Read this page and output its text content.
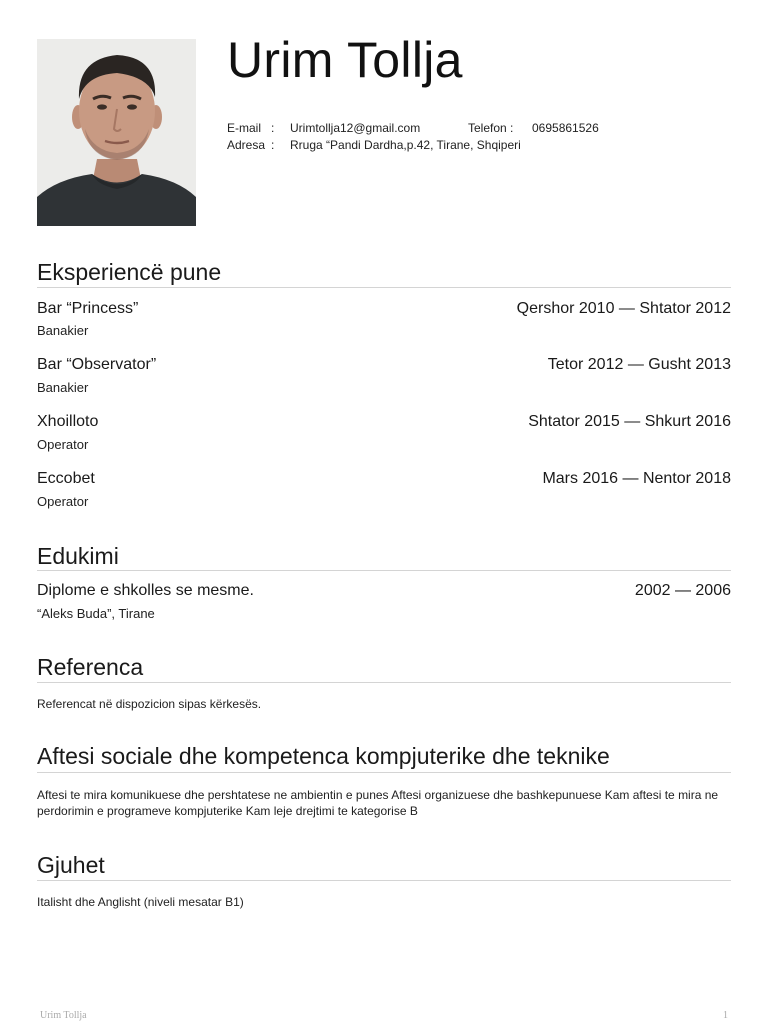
Urim Tollja
E-mail : Urimtollja12@gmail.com	Telefon : 0695861526
Adresa : Rruga “Pandi Dardha,p.42, Tirane, Shqiperi
Eksperiencë pune
Bar “Princess”	Qershor 2010 — Shtator 2012
Banakier
Bar “Observator”	Tetor 2012 — Gusht 2013
Banakier
Xhoilloto	Shtator 2015 — Shkurt 2016
Operator
Eccobet	Mars 2016 — Nentor 2018
Operator
Edukimi
Diplome e shkolles se mesme.	2002 — 2006
“Aleks Buda”, Tirane
Referenca
Referencat në dispozicion sipas kërkesës.
Aftesi sociale dhe kompetenca kompjuterike dhe teknike
Aftesi te mira komunikuese dhe pershtatese ne ambientin e punes Aftesi organizuese dhe bashkepunuese Kam aftesi te mira ne perdorimin e programeve kompjuterike Kam leje drejtimi te kategorise B
Gjuhet
Italisht dhe Anglisht (niveli mesatar B1)
Urim Tollja	1
